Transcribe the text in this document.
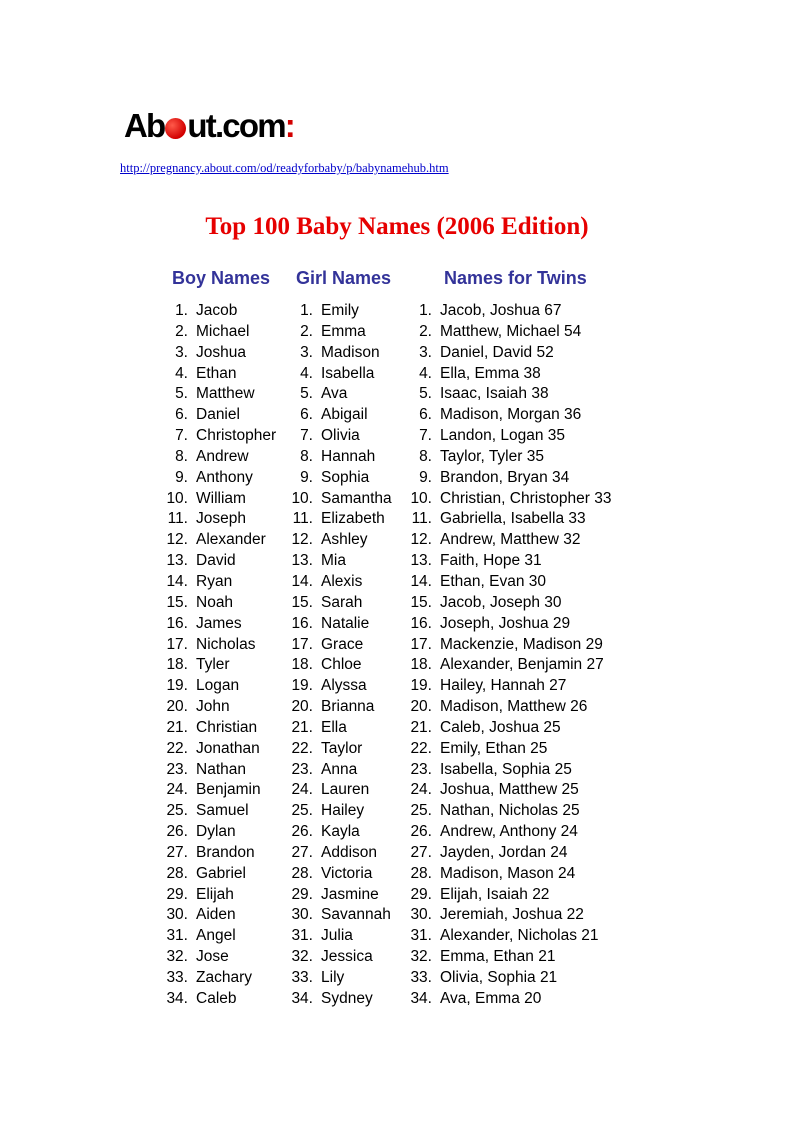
Ab ut.com:
http://pregnancy.about.com/od/readyforbaby/p/babynamehub.htm
Top 100 Baby Names (2006 Edition)
Boy Names Girl Names	Names for Twins
1. Jacob
2. Michael
3. Joshua
4. Ethan
5. Matthew
6. Daniel
7. Christopher
8. Andrew
9. Anthony
10. William
11. Joseph
12. Alexander
13. David
14. Ryan
15. Noah
16. James
17. Nicholas
18. Tyler
19. Logan
20. John
21. Christian
22. Jonathan
23. Nathan
24. Benjamin
25. Samuel
26. Dylan
27. Brandon
28. Gabriel
29. Elijah
30. Aiden
31. Angel
32. Jose
33. Zachary
34. Caleb
1. Emily
2. Emma
3. Madison
4. Isabella
5. Ava
6. Abigail
7. Olivia
8. Hannah
9. Sophia
10. Samantha
11. Elizabeth
12. Ashley
13. Mia
14. Alexis
15. Sarah
16. Natalie
17. Grace
18. Chloe
19. Alyssa
20. Brianna
21. Ella
22. Taylor
23. Anna
24. Lauren
25. Hailey
26. Kayla
27. Addison
28. Victoria
29. Jasmine
30. Savannah
31. Julia
32. Jessica
33. Lily
34. Sydney
1. Jacob, Joshua 67
2. Matthew, Michael 54
3. Daniel, David 52
4. Ella, Emma 38
5. Isaac, Isaiah 38
6. Madison, Morgan 36
7. Landon, Logan 35
8. Taylor, Tyler 35
9. Brandon, Bryan 34
10. Christian, Christopher 33
11. Gabriella, Isabella 33
12. Andrew, Matthew 32
13. Faith, Hope 31
14. Ethan, Evan 30
15. Jacob, Joseph 30
16. Joseph, Joshua 29
17. Mackenzie, Madison 29
18. Alexander, Benjamin 27
19. Hailey, Hannah 27
20. Madison, Matthew 26
21. Caleb, Joshua 25
22. Emily, Ethan 25
23. Isabella, Sophia 25
24. Joshua, Matthew 25
25. Nathan, Nicholas 25
26. Andrew, Anthony 24
27. Jayden, Jordan 24
28. Madison, Mason 24
29. Elijah, Isaiah 22
30. Jeremiah, Joshua 22
31. Alexander, Nicholas 21
32. Emma, Ethan 21
33. Olivia, Sophia 21
34. Ava, Emma 20
